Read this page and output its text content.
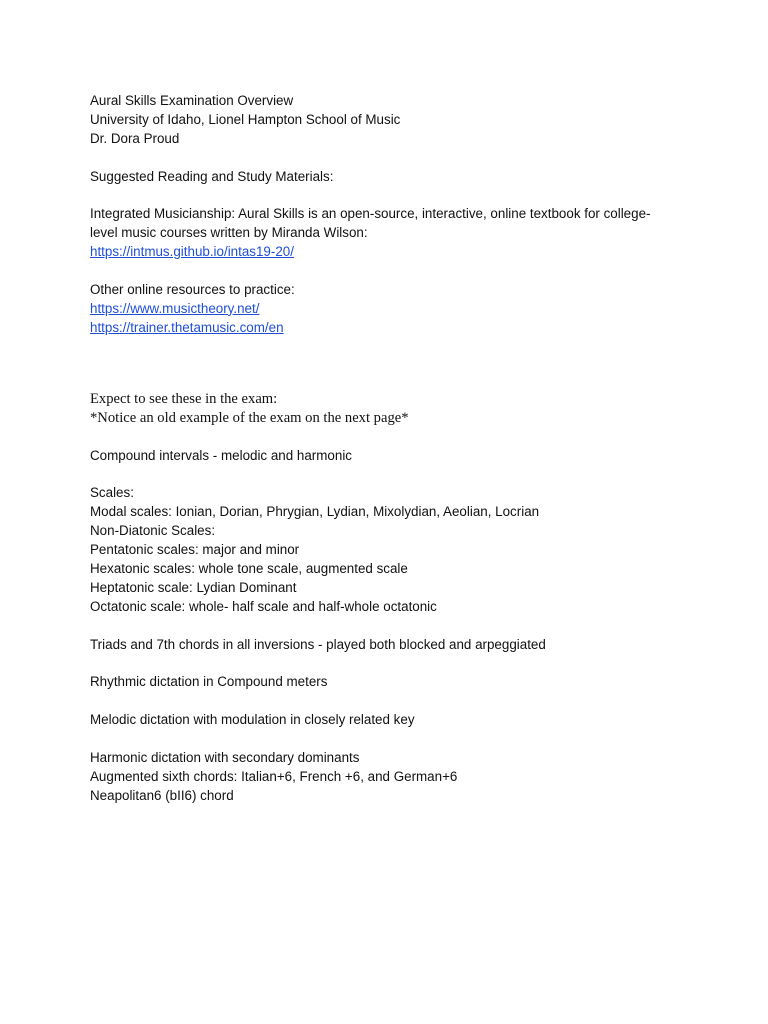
Aural Skills Examination Overview
University of Idaho, Lionel Hampton School of Music
Dr. Dora Proud
Suggested Reading and Study Materials:
Integrated Musicianship: Aural Skills is an open-source, interactive, online textbook for college-
level music courses written by Miranda Wilson:
https://intmus.github.io/intas19-20/
Other online resources to practice:
https://www.musictheory.net/
https://trainer.thetamusic.com/en
Expect to see these in the exam:
*Notice an old example of the exam on the next page*
Compound intervals - melodic and harmonic
Scales:
Modal scales: Ionian, Dorian, Phrygian, Lydian, Mixolydian, Aeolian, Locrian
Non-Diatonic Scales:
Pentatonic scales: major and minor
Hexatonic scales: whole tone scale, augmented scale
Heptatonic scale: Lydian Dominant
Octatonic scale: whole- half scale and half-whole octatonic
Triads and 7th chords in all inversions - played both blocked and arpeggiated
Rhythmic dictation in Compound meters
Melodic dictation with modulation in closely related key
Harmonic dictation with secondary dominants
Augmented sixth chords: Italian+6, French +6, and German+6
Neapolitan6 (bII6) chord
